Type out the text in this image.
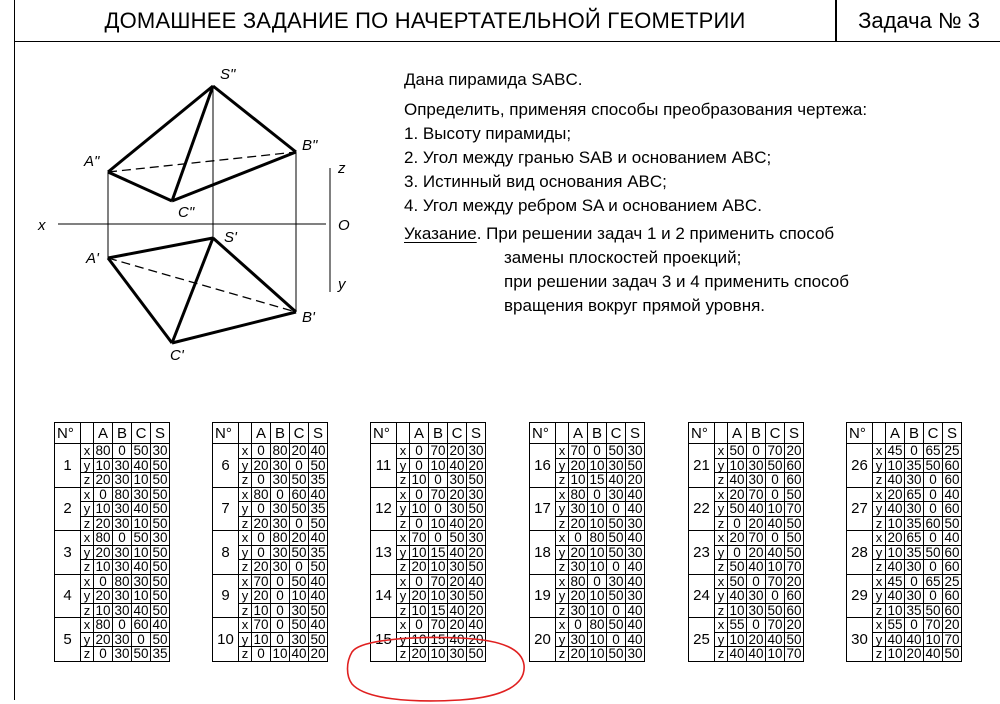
ДОМАШНЕЕ ЗАДАНИЕ ПО НАЧЕРТАТЕЛЬНОЙ ГЕОМЕТРИИ	Задача № 3
S"
A"
B"
C"
S'
A'
B'
C'
x
z
y
O
Дана пирамида SABC.
Определить, применяя способы преобразования чертежа:
1. Высоту пирамиды;
2. Угол между гранью SAB и основанием ABC;
3. Истинный вид основания ABC;
4. Угол между ребром SA и основанием ABC.
Указание . При решении задач 1 и 2 применить способ
замены плоскостей проекций;
при решении задач 3 и 4 применить способ
вращения вокруг прямой уровня.
N°		A	B	C	S
1	x	80	0	50	30
	y	10	30	40	50
	z	20	30	10	50
2	x	0	80	30	50
	y	10	30	40	50
	z	20	30	10	50
3	x	80	0	50	30
	y	20	30	10	50
	z	10	30	40	50
4	x	0	80	30	50
	y	20	30	10	50
	z	10	30	40	50
5	x	80	0	60	40
	y	20	30	0	50
	z	0	30	50	35
N°		A	B	C	S
6	x	0	80	20	40
	y	20	30	0	50
	z	0	30	50	35
7	x	80	0	60	40
	y	0	30	50	35
	z	20	30	0	50
8	x	0	80	20	40
	y	0	30	50	35
	z	20	30	0	50
9	x	70	0	50	40
	y	20	0	10	40
	z	10	0	30	50
10	x	70	0	50	40
	y	10	0	30	50
	z	0	10	40	20
N°		A	B	C	S
11	x	0	70	20	30
	y	0	10	40	20
	z	10	0	30	50
12	x	0	70	20	30
	y	10	0	30	50
	z	0	10	40	20
13	x	70	0	50	30
	y	10	15	40	20
	z	20	10	30	50
14	x	0	70	20	40
	y	20	10	30	50
	z	10	15	40	20
15	x	0	70	20	40
	y	10	15	40	20
	z	20	10	30	50
N°		A	B	C	S
16	x	70	0	50	30
	y	20	10	30	50
	z	10	15	40	20
17	x	80	0	30	40
	y	30	10	0	40
	z	20	10	50	30
18	x	0	80	50	40
	y	20	10	50	30
	z	30	10	0	40
19	x	80	0	30	40
	y	20	10	50	30
	z	30	10	0	40
20	x	0	80	50	40
	y	30	10	0	40
	z	20	10	50	30
N°		A	B	C	S
21	x	50	0	70	20
	y	10	30	50	60
	z	40	30	0	60
22	x	20	70	0	50
	y	50	40	10	70
	z	0	20	40	50
23	x	20	70	0	50
	y	0	20	40	50
	z	50	40	10	70
24	x	50	0	70	20
	y	40	30	0	60
	z	10	30	50	60
25	x	55	0	70	20
	y	10	20	40	50
	z	40	40	10	70
N°		A	B	C	S
26	x	45	0	65	25
	y	10	35	50	60
	z	40	30	0	60
27	x	20	65	0	40
	y	40	30	0	60
	z	10	35	60	50
28	x	20	65	0	40
	y	10	35	50	60
	z	40	30	0	60
29	x	45	0	65	25
	y	40	30	0	60
	z	10	35	50	60
30	x	55	0	70	20
	y	40	40	10	70
	z	10	20	40	50
